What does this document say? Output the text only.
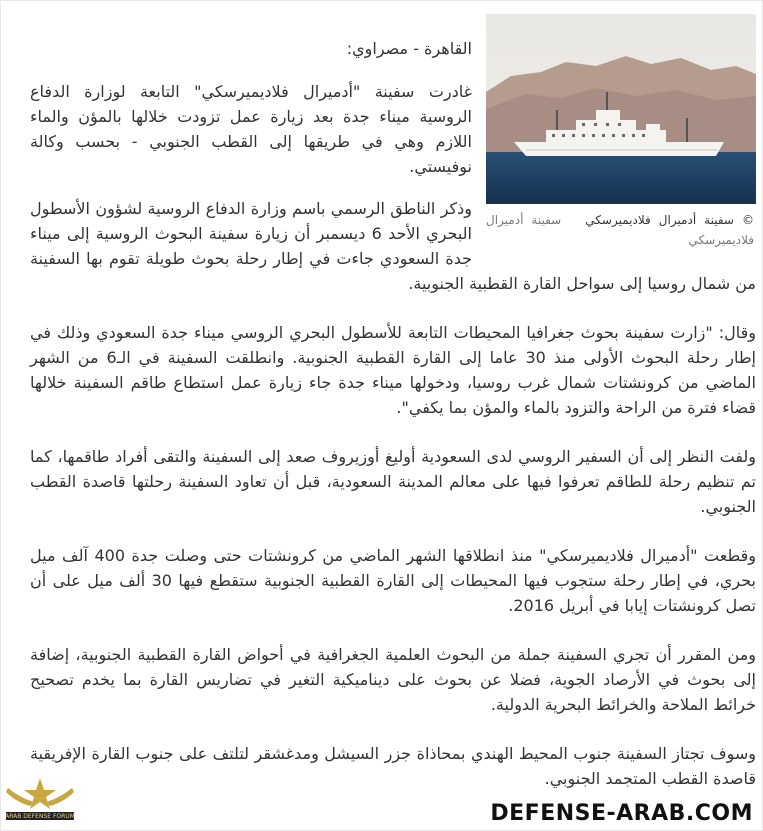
© سفينة أدميرال فلاديميرسكي   سفينة أدميرال فلاديميرسكي

القاهرة - مصراوي:

غادرت سفينة "أدميرال فلاديميرسكي" التابعة لوزارة الدفاع الروسية ميناء جدة بعد زيارة عمل تزودت خلالها بالمؤن والماء اللازم وهي في طريقها إلى القطب الجنوبي - بحسب وكالة نوفيستي.

وذكر الناطق الرسمي باسم وزارة الدفاع الروسية لشؤون الأسطول البحري الأحد 6 ديسمبر أن زيارة سفينة البحوث الروسية إلى ميناء جدة السعودي جاءت في إطار رحلة بحوث طويلة تقوم بها السفينة من شمال روسيا إلى سواحل القارة القطبية الجنوبية.

وقال: "زارت سفينة بحوث جغرافيا المحيطات التابعة للأسطول البحري الروسي ميناء جدة السعودي وذلك في إطار رحلة البحوث الأولى منذ 30 عاما إلى القارة القطبية الجنوبية. وانطلقت السفينة في الـ6 من الشهر الماضي من كرونشتات شمال غرب روسيا، ودخولها ميناء جدة جاء زيارة عمل استطاع طاقم السفينة خلالها قضاء فترة من الراحة والتزود بالماء والمؤن بما يكفي".

ولفت النظر إلى أن السفير الروسي لدى السعودية أوليغ أوزيروف صعد إلى السفينة والتقى أفراد طاقمها، كما تم تنظيم رحلة للطاقم تعرفوا فيها على معالم المدينة السعودية، قبل أن تعاود السفينة رحلتها قاصدة القطب الجنوبي.

وقطعت "أدميرال فلاديميرسكي" منذ انطلاقها الشهر الماضي من كرونشتات حتى وصلت جدة 400 آلف ميل بحري، في إطار رحلة ستجوب فيها المحيطات إلى القارة القطبية الجنوبية ستقطع فيها 30 ألف ميل على أن تصل كرونشتات إيابا في أبريل 2016.

ومن المقرر أن تجري السفينة جملة من البحوث العلمية الجغرافية في أحواض القارة القطبية الجنوبية، إضافة إلى بحوث في الأرصاد الجوية، فضلا عن بحوث على ديناميكية التغير في تضاريس القارة بما يخدم تصحيح خرائط الملاحة والخرائط البحرية الدولية.

وسوف تجتاز السفينة جنوب المحيط الهندي بمحاذاة جزر السيشل ومدغشقر لتلتف على جنوب القارة الإفريقية قاصدة القطب المتجمد الجنوبي.

ARAB DEFENSE FORUM	DEFENSE-ARAB.COM
